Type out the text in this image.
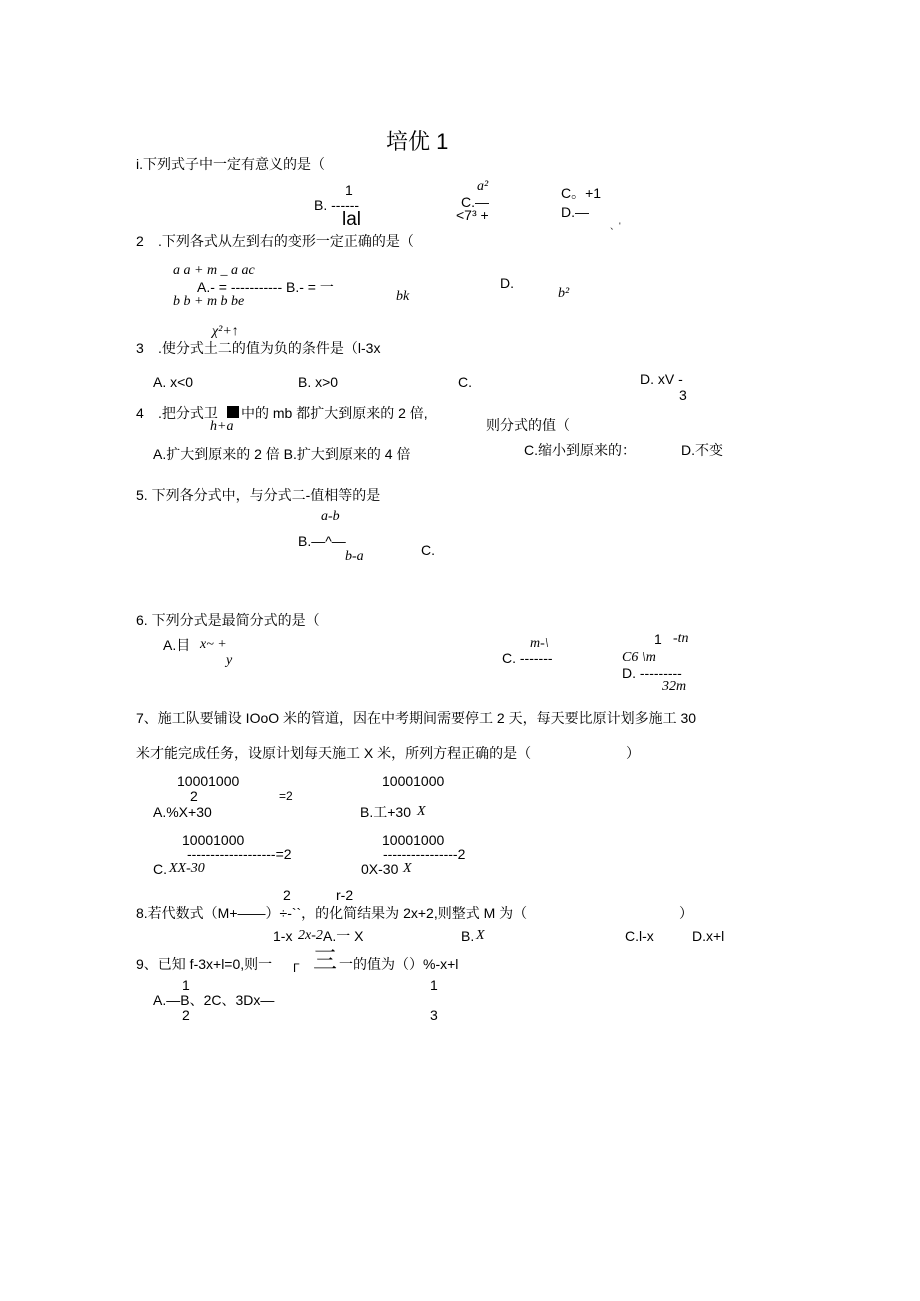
培优 1
i.下列式子中一定有意义的是（
1
B. ------
lal
a²
C.—
<7³ +
C。+1
D.—
、'
2 .下列各式从左到右的变形一定正确的是（
a a + m _ a ac
A.- = ----------- B.- = 一
b b + m b be	bk
D.
b²
χ²+↑
3 .使分式土二的值为负的条件是（l-3x
A. x<0	B. x>0	C.	D. xV -
3
4 .把分式卫 中的 mb 都扩大到原来的 2 倍,
h+a	则分式的值（
A.扩大到原来的 2 倍 B.扩大到原来的 4 倍	C.缩小到原来的：	D.不变
5. 下列各分式中，与分式二-值相等的是
a-b
B.—^—
b-a	C.
6. 下列分式是最简分式的是（
A.目 x~ +
y
m-\
C. -------
1 -tn
C6 \m
D. ---------
32m
7、施工队要铺设 IOoO 米的管道，因在中考期间需要停工 2 天，每天要比原计划多施工 30
米才能完成任务，设原计划每天施工 X 米，所列方程正确的是（	）
10001000
2	=2
A.%X+30
10001000
B.工+30 X
10001000
-------------------=2
C. XX-30
10001000
----------------2
0X-30 X
2	r-2
8.若代数式（M+——）÷-``，的化简结果为 2x+2,则整式 M 为（	）
1-x 2x-2 A.一 X	B. X	C.l-x	D.x+l
9、已知 f-3x+l=0,则一 Γ 三 一的值为（）%-x+l
1	1
A.—B、2C、3Dx—
2	3
